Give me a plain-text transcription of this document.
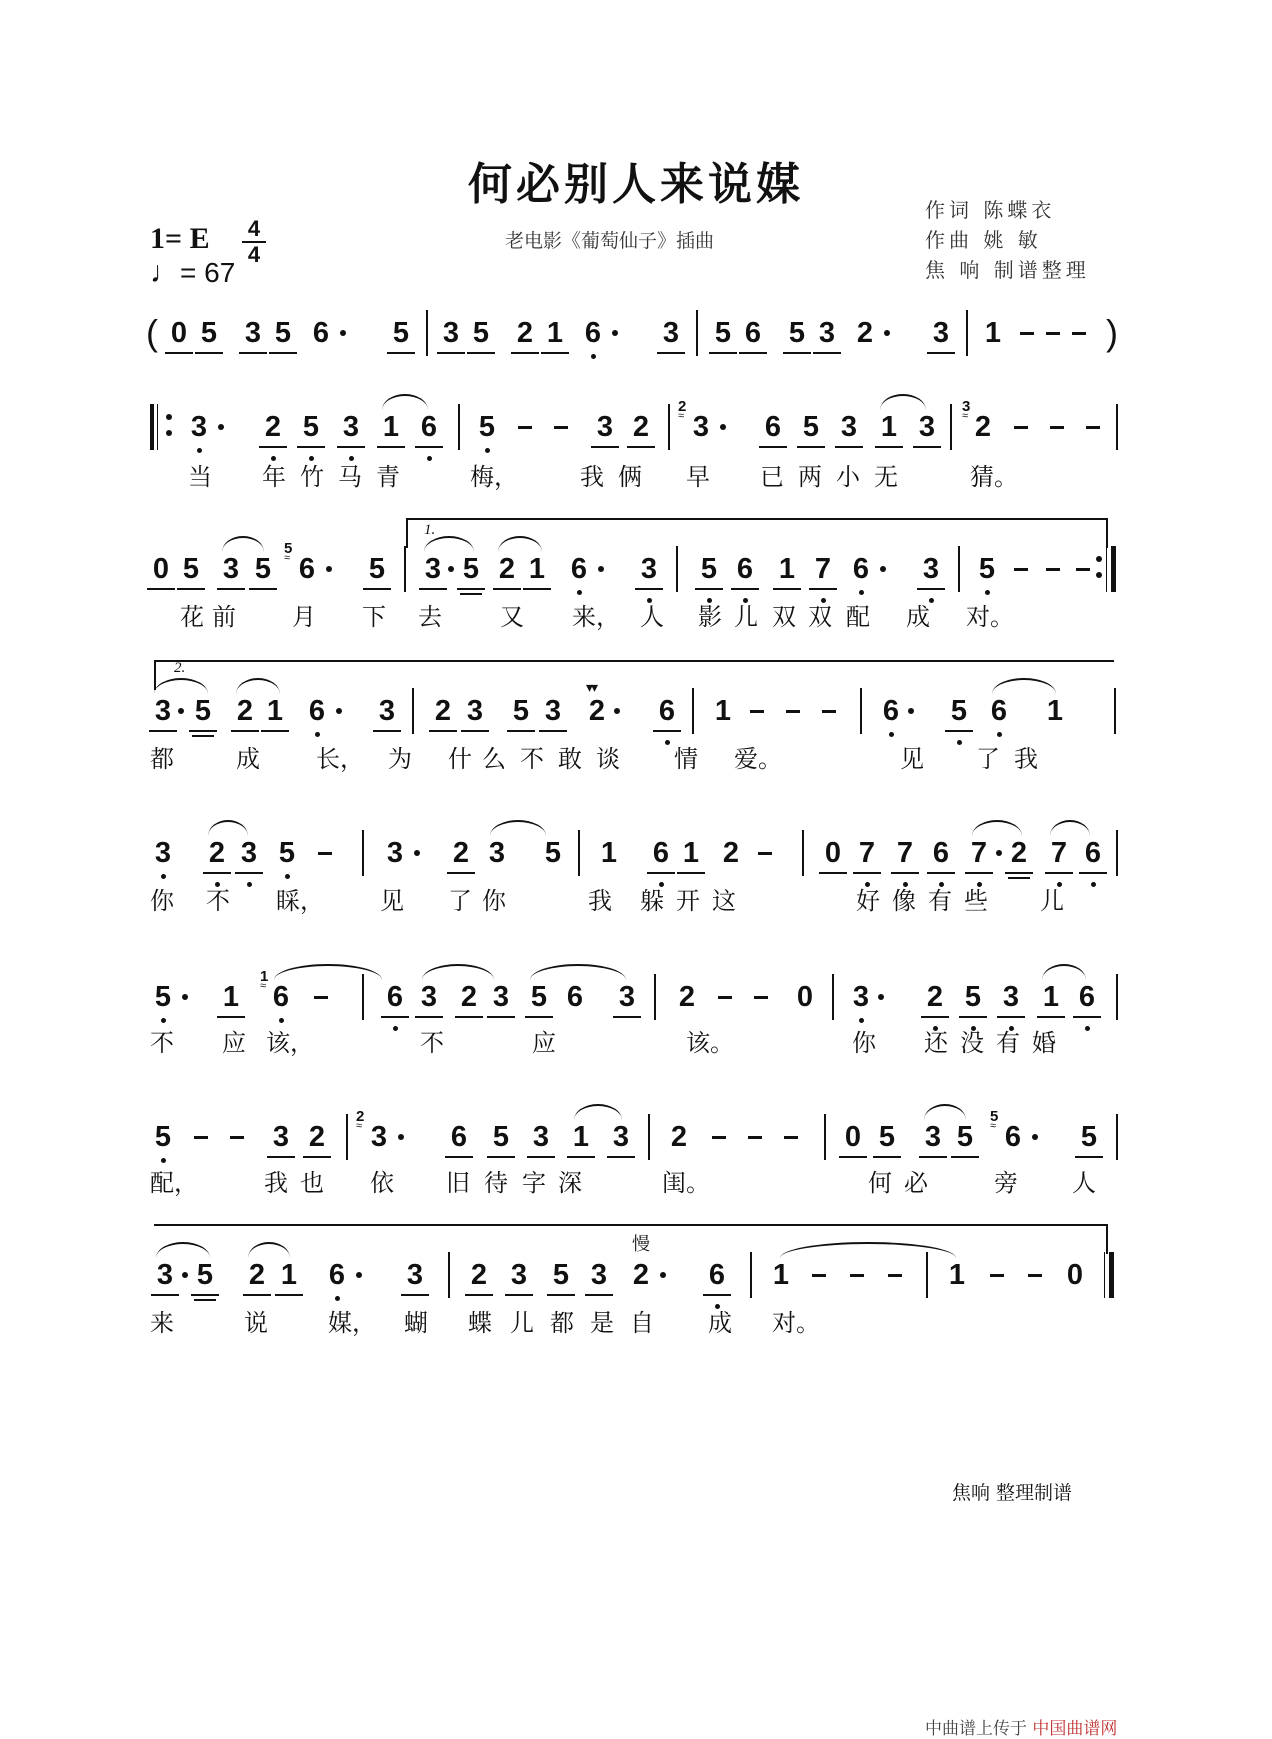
何必别人来说媒
老电影《葡萄仙子》插曲
作词 陈蝶衣
作曲 姚 敏
焦 响 制谱整理
1= E 4
4
♩= 67
( 0 5 3 5 6 5 3 5 2 1 6 3 5 6 5 3 2 3 1	)
3 2 5 3 1 6 5	3 2
2 ≈
3 6 5 3 1 3
3 ≈
2
当 年 竹 马 青	梅，	我 俩 早 已 两 小 无	猜。
1.
0 5 3 5
5 ≈
6 5 3 5 2 1 6 3 5 6 1 7 6 3 5
花 前 月 下 去 又 来， 人 影 儿 双 双 配 成 对。
2.
3 5 2 1 6 3 2 3 5 3
▾▾
2 6 1	6 5 6 1
都	成 长， 为 什 么 不 敢 谈 情 爱。	见 了 我
3 2 3 5	3 2 3 5 1 6 1 2	0 7 7 6 7 2 7 6
你 不 睬， 见 了 你	我 躲 开 这	好 像 有 些 儿
5 1
1 ≈
6	6 3 2 3 5 6 3 2	0 3 2 5 3 1 6
不 应 该，	不	应	该。	你 还 没 有 婚
5	3 2
2 ≈
3 6 5 3 1 3 2	0 5 3 5
5 ≈
6 5
配，	我 也 依 旧 待 字 深	闺。	何 必	旁 人
慢
3 5 2 1 6 3 2 3 5 3 2 6 1	1	0
来	说	媒， 蝴 蝶 儿 都 是 自 成 对。
焦响 整理制谱
中曲谱上传于 中国曲谱网
